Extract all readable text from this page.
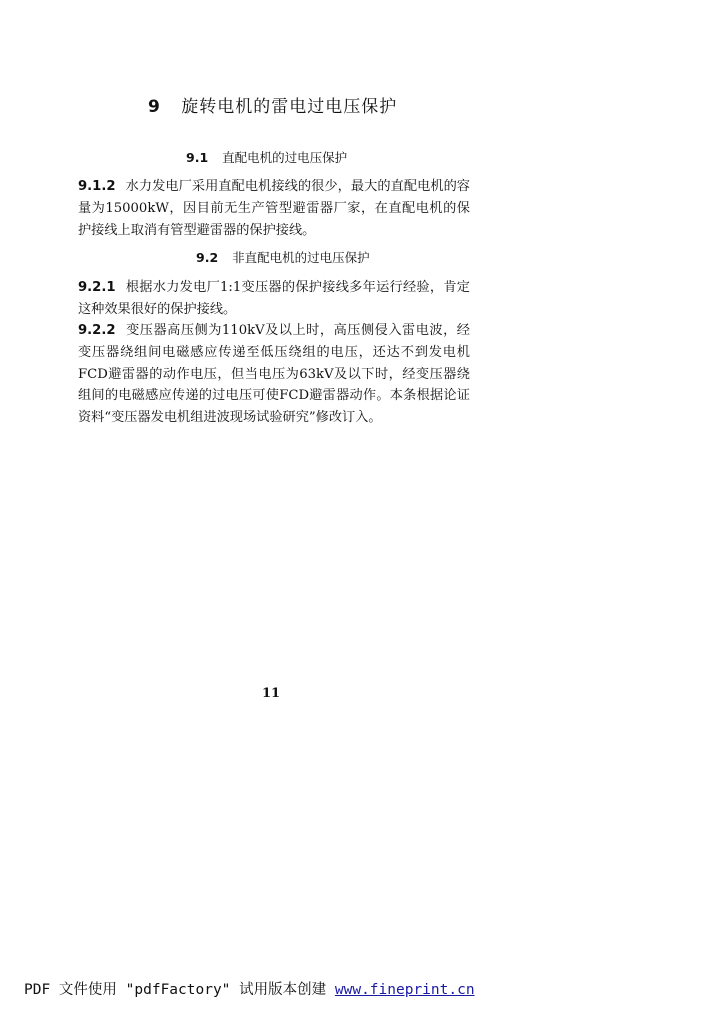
9 旋转电机的雷电过电压保护
9.1 直配电机的过电压保护
9.1.2 水力发电厂采用直配电机接线的很少，最大的直配电机的容量为15000kW，因目前无生产管型避雷器厂家，在直配电机的保护接线上取消有管型避雷器的保护接线。
9.2 非直配电机的过电压保护
9.2.1 根据水力发电厂1:1变压器的保护接线多年运行经验，肯定这种效果很好的保护接线。
9.2.2 变压器高压侧为110kV及以上时，高压侧侵入雷电波，经变压器绕组间电磁感应传递至低压绕组的电压，还达不到发电机FCD避雷器的动作电压，但当电压为63kV及以下时，经变压器绕组间的电磁感应传递的过电压可使FCD避雷器动作。本条根据论证资料“变压器发电机组进波现场试验研究”修改订入。
11
PDF 文件使用 "pdfFactory" 试用版本创建 www.fineprint.cn
